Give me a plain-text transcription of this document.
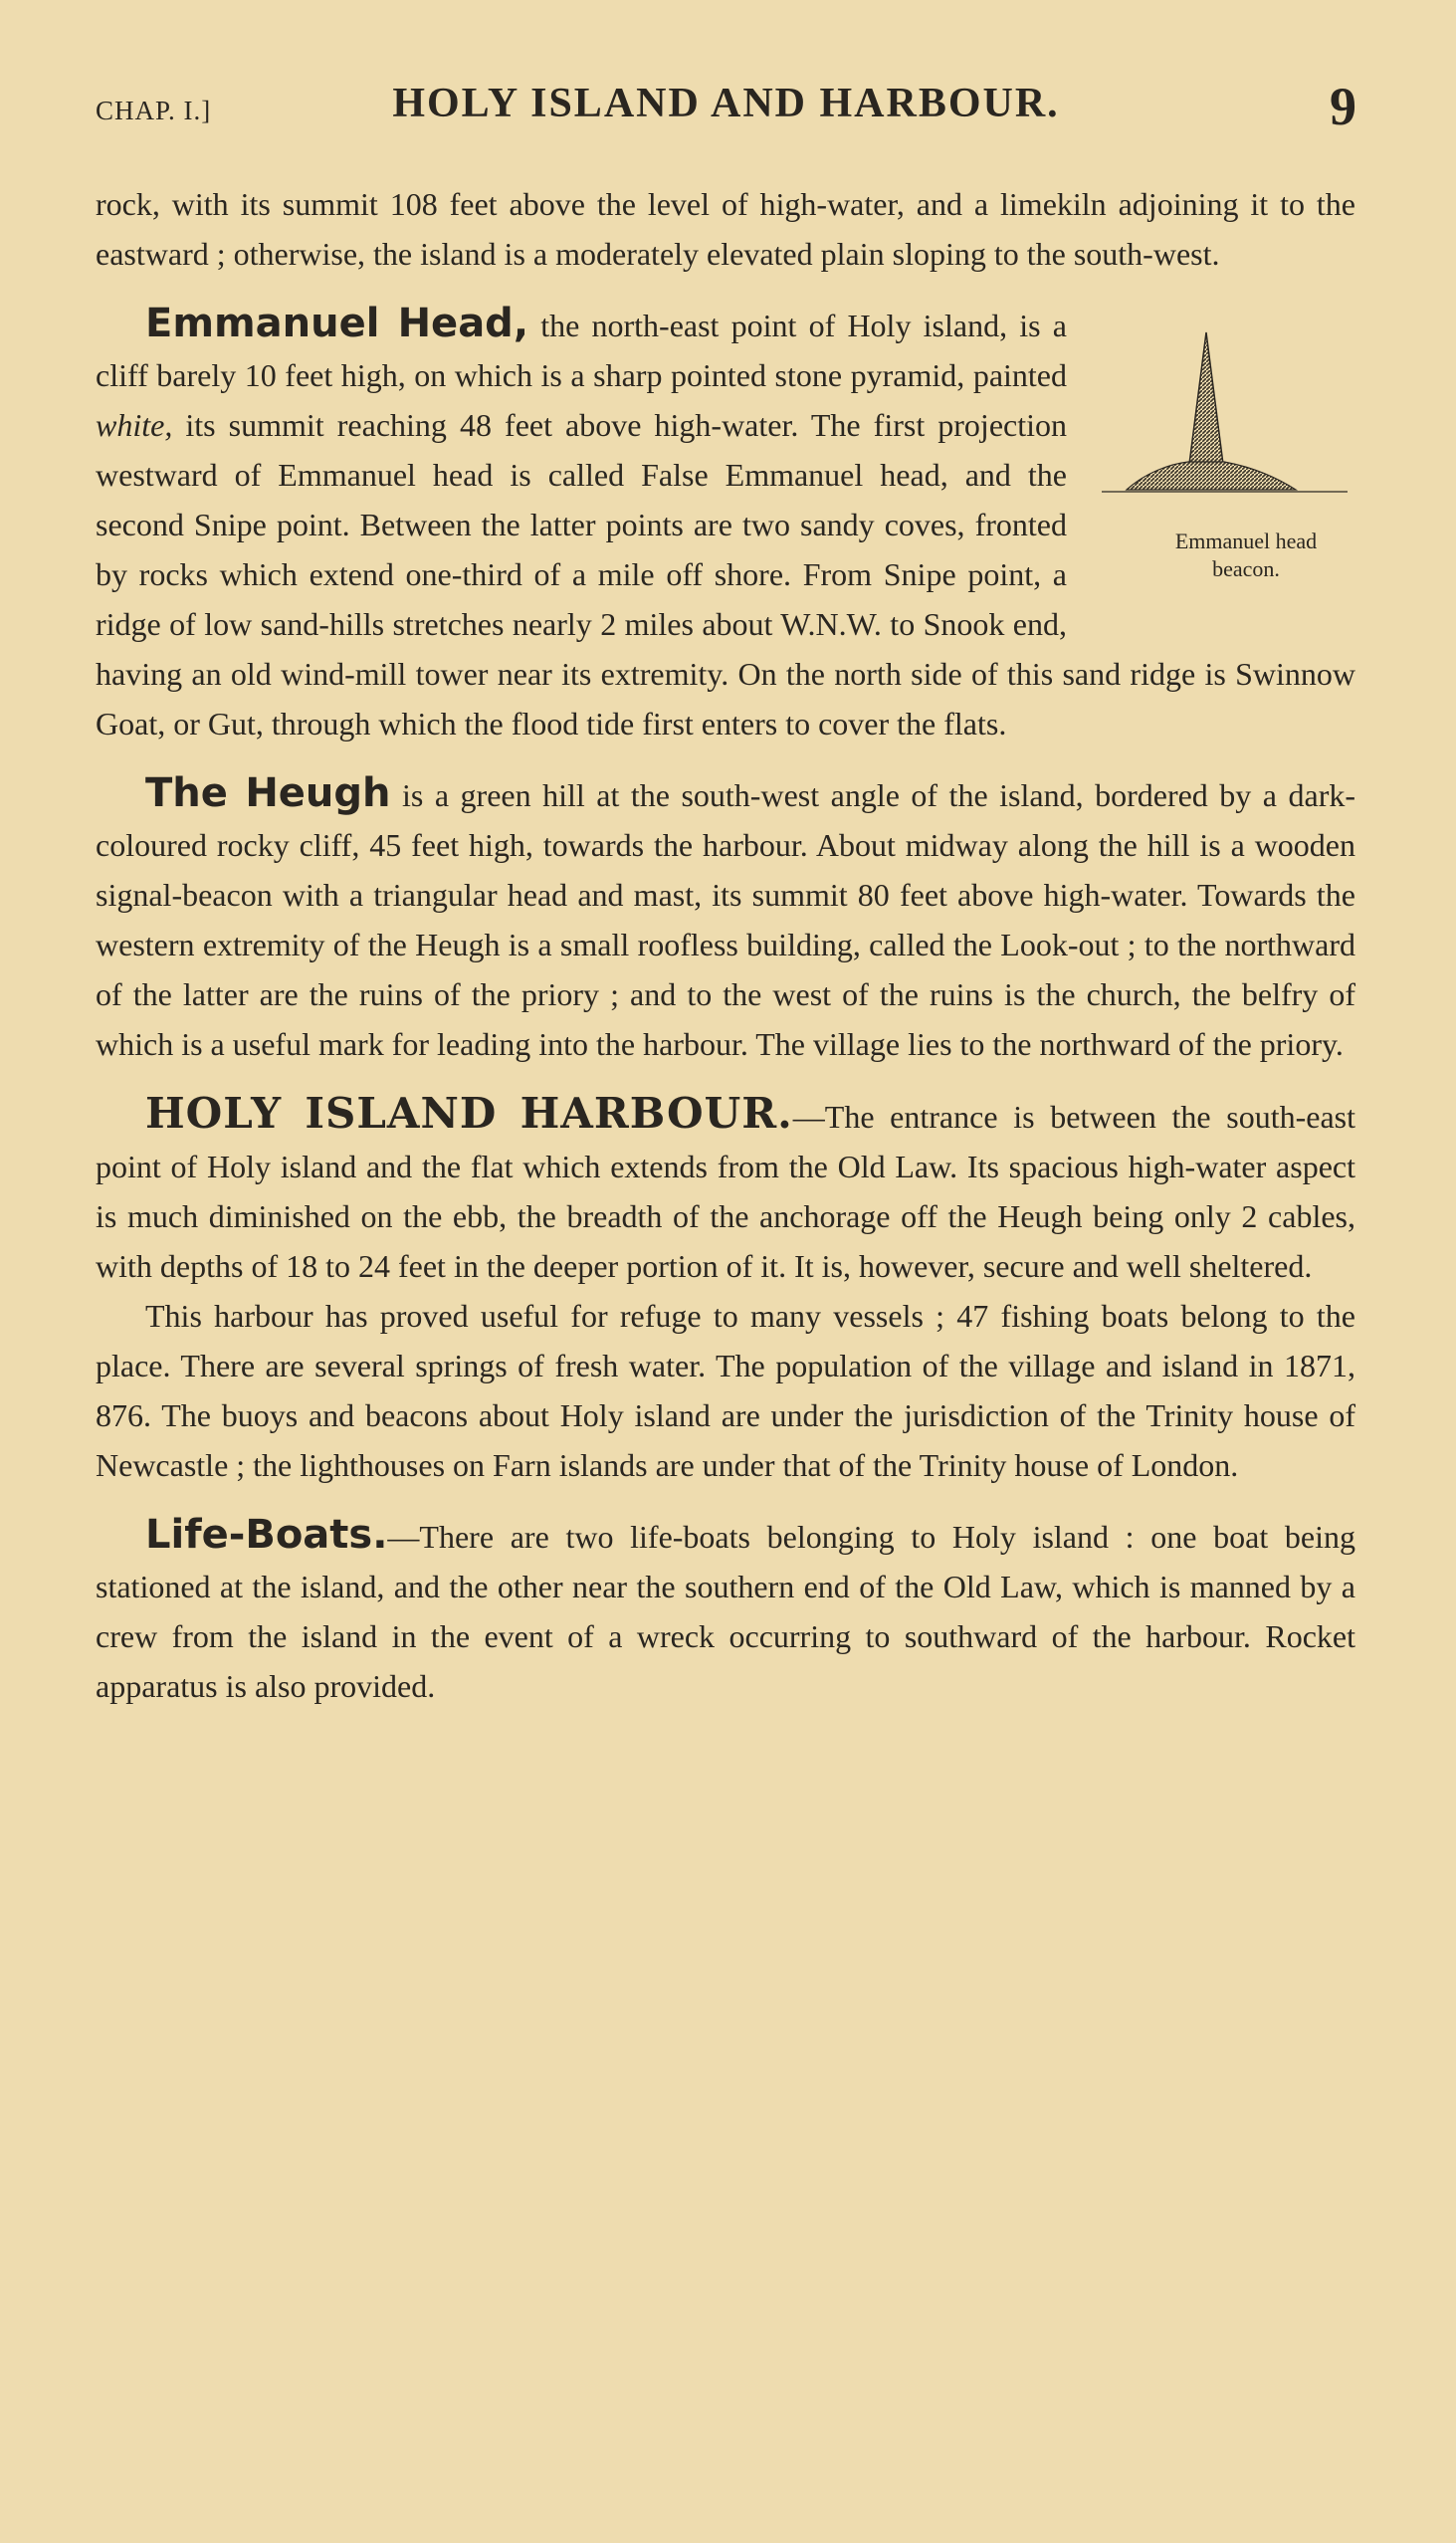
CHAP. I.]	HOLY ISLAND AND HARBOUR.	9

rock, with its summit 108 feet above the level of high-water, and a limekiln adjoining it to the eastward ; otherwise, the island is a moderately elevated plain sloping to the south-west.

Emmanuel head
beacon.
Emmanuel Head, the north-east point of Holy island, is a cliff barely 10 feet high, on which is a sharp pointed stone pyramid, painted white, its summit reaching 48 feet above high-water. The first projection westward of Emmanuel head is called False Emmanuel head, and the second Snipe point. Between the latter points are two sandy coves, fronted by rocks which extend one-third of a mile off shore. From Snipe point, a ridge of low sand-hills stretches nearly 2 miles about W.N.W. to Snook end, having an old wind-mill tower near its extremity. On the north side of this sand ridge is Swinnow Goat, or Gut, through which the flood tide first enters to cover the flats.

The Heugh is a green hill at the south-west angle of the island, bordered by a dark-coloured rocky cliff, 45 feet high, towards the harbour. About midway along the hill is a wooden signal-beacon with a triangular head and mast, its summit 80 feet above high-water. Towards the western extremity of the Heugh is a small roofless building, called the Look-out ; to the northward of the latter are the ruins of the priory ; and to the west of the ruins is the church, the belfry of which is a useful mark for leading into the harbour. The village lies to the northward of the priory.

HOLY ISLAND HARBOUR.—The entrance is between the south-east point of Holy island and the flat which extends from the Old Law. Its spacious high-water aspect is much diminished on the ebb, the breadth of the anchorage off the Heugh being only 2 cables, with depths of 18 to 24 feet in the deeper portion of it. It is, however, secure and well sheltered.

This harbour has proved useful for refuge to many vessels ; 47 fishing boats belong to the place. There are several springs of fresh water. The population of the village and island in 1871, 876. The buoys and beacons about Holy island are under the jurisdiction of the Trinity house of Newcastle ; the lighthouses on Farn islands are under that of the Trinity house of London.

Life-Boats.—There are two life-boats belonging to Holy island : one boat being stationed at the island, and the other near the southern end of the Old Law, which is manned by a crew from the island in the event of a wreck occurring to southward of the harbour. Rocket apparatus is also provided.
